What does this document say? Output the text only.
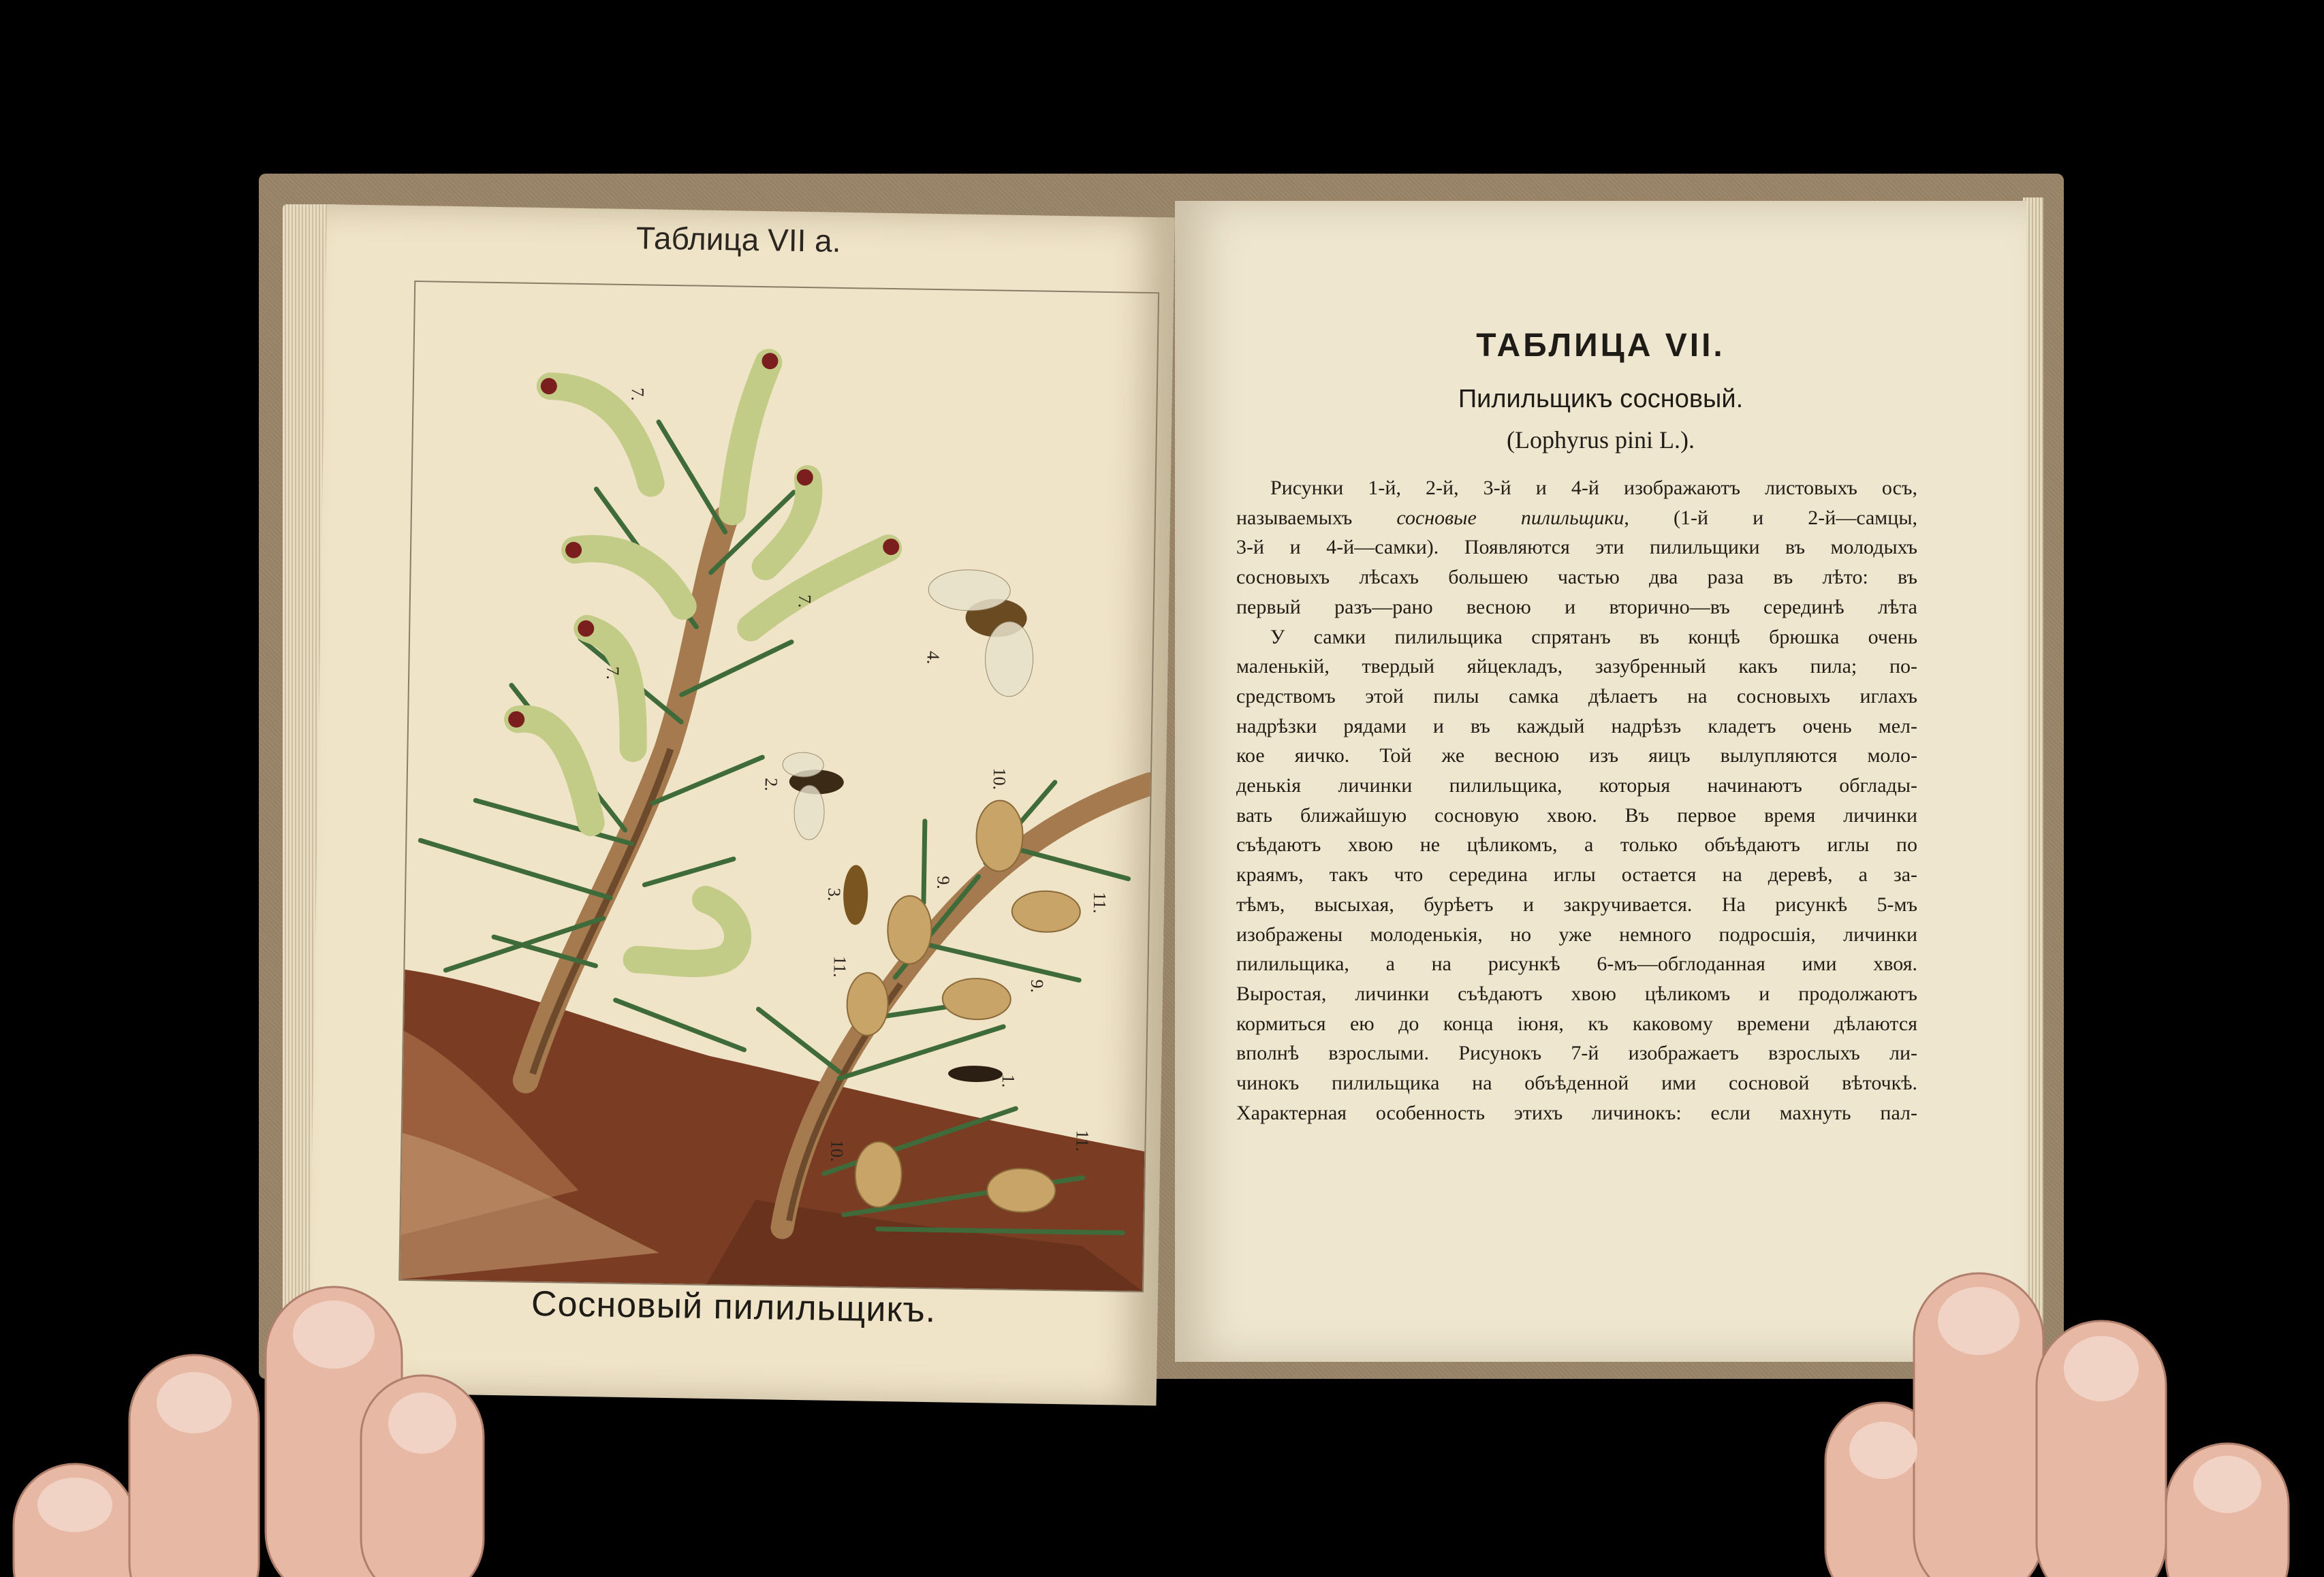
Таблица VII a.
7.
7.
7.
4.
2.
3.
10.
9.
11.
11.
9.
1.
10.	11.
Сосновый пилильщикъ.
ТАБЛИЦА VII.
Пилильщикъ сосновый.
(Lophyrus pini L.).
Рисунки 1-й, 2-й, 3-й и 4-й изображаютъ листовыхъ осъ,
называемыхъ сосновые пилильщики, (1-й и 2-й—самцы,
3-й и 4-й—самки). Появляются эти пилильщики въ молодыхъ
сосновыхъ лѣсахъ большею частью два раза въ лѣто: въ
первый разъ—рано весною и вторично—въ серединѣ лѣта
У самки пилильщика спрятанъ въ концѣ брюшка очень
маленькій, твердый яйцекладъ, зазубренный какъ пила; по-
средствомъ этой пилы самка дѣлаетъ на сосновыхъ иглахъ
надрѣзки рядами и въ каждый надрѣзъ кладетъ очень мел-
кое яичко. Той же весною изъ яицъ вылупляются моло-
денькія личинки пилильщика, которыя начинаютъ обглады-
вать ближайшую сосновую хвою. Въ первое время личинки
съѣдаютъ хвою не цѣликомъ, а только объѣдаютъ иглы по
краямъ, такъ что середина иглы остается на деревѣ, а за-
тѣмъ, высыхая, бурѣетъ и закручивается. На рисункѣ 5-мъ
изображены молоденькія, но уже немного подросшія, личинки
пилильщика, а на рисункѣ 6-мъ—обглоданная ими хвоя.
Выростая, личинки съѣдаютъ хвою цѣликомъ и продолжаютъ
кормиться ею до конца іюня, къ каковому времени дѣлаются
вполнѣ взрослыми. Рисунокъ 7-й изображаетъ взрослыхъ ли-
чинокъ пилильщика на объѣденной ими сосновой вѣточкѣ.
Характерная особенность этихъ личинокъ: если махнуть пал-
